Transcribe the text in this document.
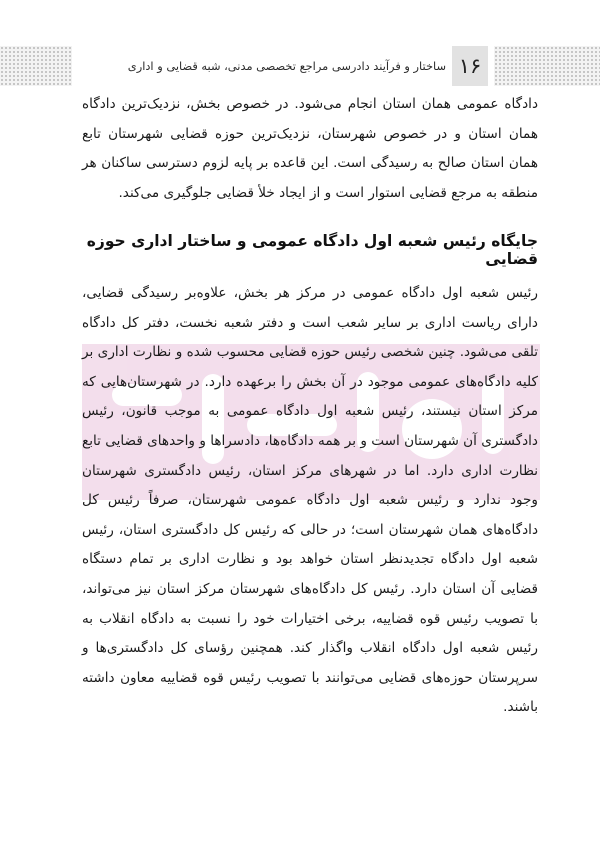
۱۶
ساختار و فرآیند دادرسی مراجع تخصصی مدنی، شبه قضایی و اداری

دادگاه عمومی همان استان انجام می‌شود. در خصوص بخش، نزدیک‌ترین دادگاه همان استان و در خصوص شهرستان، نزدیک‌ترین حوزه قضایی شهرستان تابع همان استان صالح به رسیدگی است. این قاعده بر پایه لزوم دسترسی ساکنان هر منطقه به مرجع قضایی استوار است و از ایجاد خلأ قضایی جلوگیری می‌کند.

جایگاه رئیس شعبه اول دادگاه عمومی و ساختار اداری حوزه قضایی

رئیس شعبه اول دادگاه عمومی در مرکز هر بخش، علاوه‌بر رسیدگی قضایی، دارای ریاست اداری بر سایر شعب است و دفتر شعبه نخست، دفتر کل دادگاه تلقی می‌شود. چنین شخصی رئیس حوزه قضایی محسوب شده و نظارت اداری بر کلیه دادگاه‌های عمومی موجود در آن بخش را برعهده دارد. در شهرستان‌هایی که مرکز استان نیستند، رئیس شعبه اول دادگاه عمومی به موجب قانون، رئیس دادگستری آن شهرستان است و بر همه دادگاه‌ها، دادسراها و واحدهای قضایی تابع نظارت اداری دارد. اما در شهرهای مرکز استان، رئیس دادگستری شهرستان وجود ندارد و رئیس شعبه اول دادگاه عمومی شهرستان، صرفاً رئیس کل دادگاه‌های همان شهرستان است؛ در حالی که رئیس کل دادگستری استان، رئیس شعبه اول دادگاه تجدیدنظر استان خواهد بود و نظارت اداری بر تمام دستگاه قضایی آن استان دارد. رئیس کل دادگاه‌های شهرستان مرکز استان نیز می‌تواند، با تصویب رئیس قوه قضاییه، برخی اختیارات خود را نسبت به دادگاه انقلاب به رئیس شعبه اول دادگاه انقلاب واگذار کند. همچنین رؤسای کل دادگستری‌ها و سرپرستان حوزه‌های قضایی می‌توانند با تصویب رئیس قوه قضاییه معاون داشته باشند.
